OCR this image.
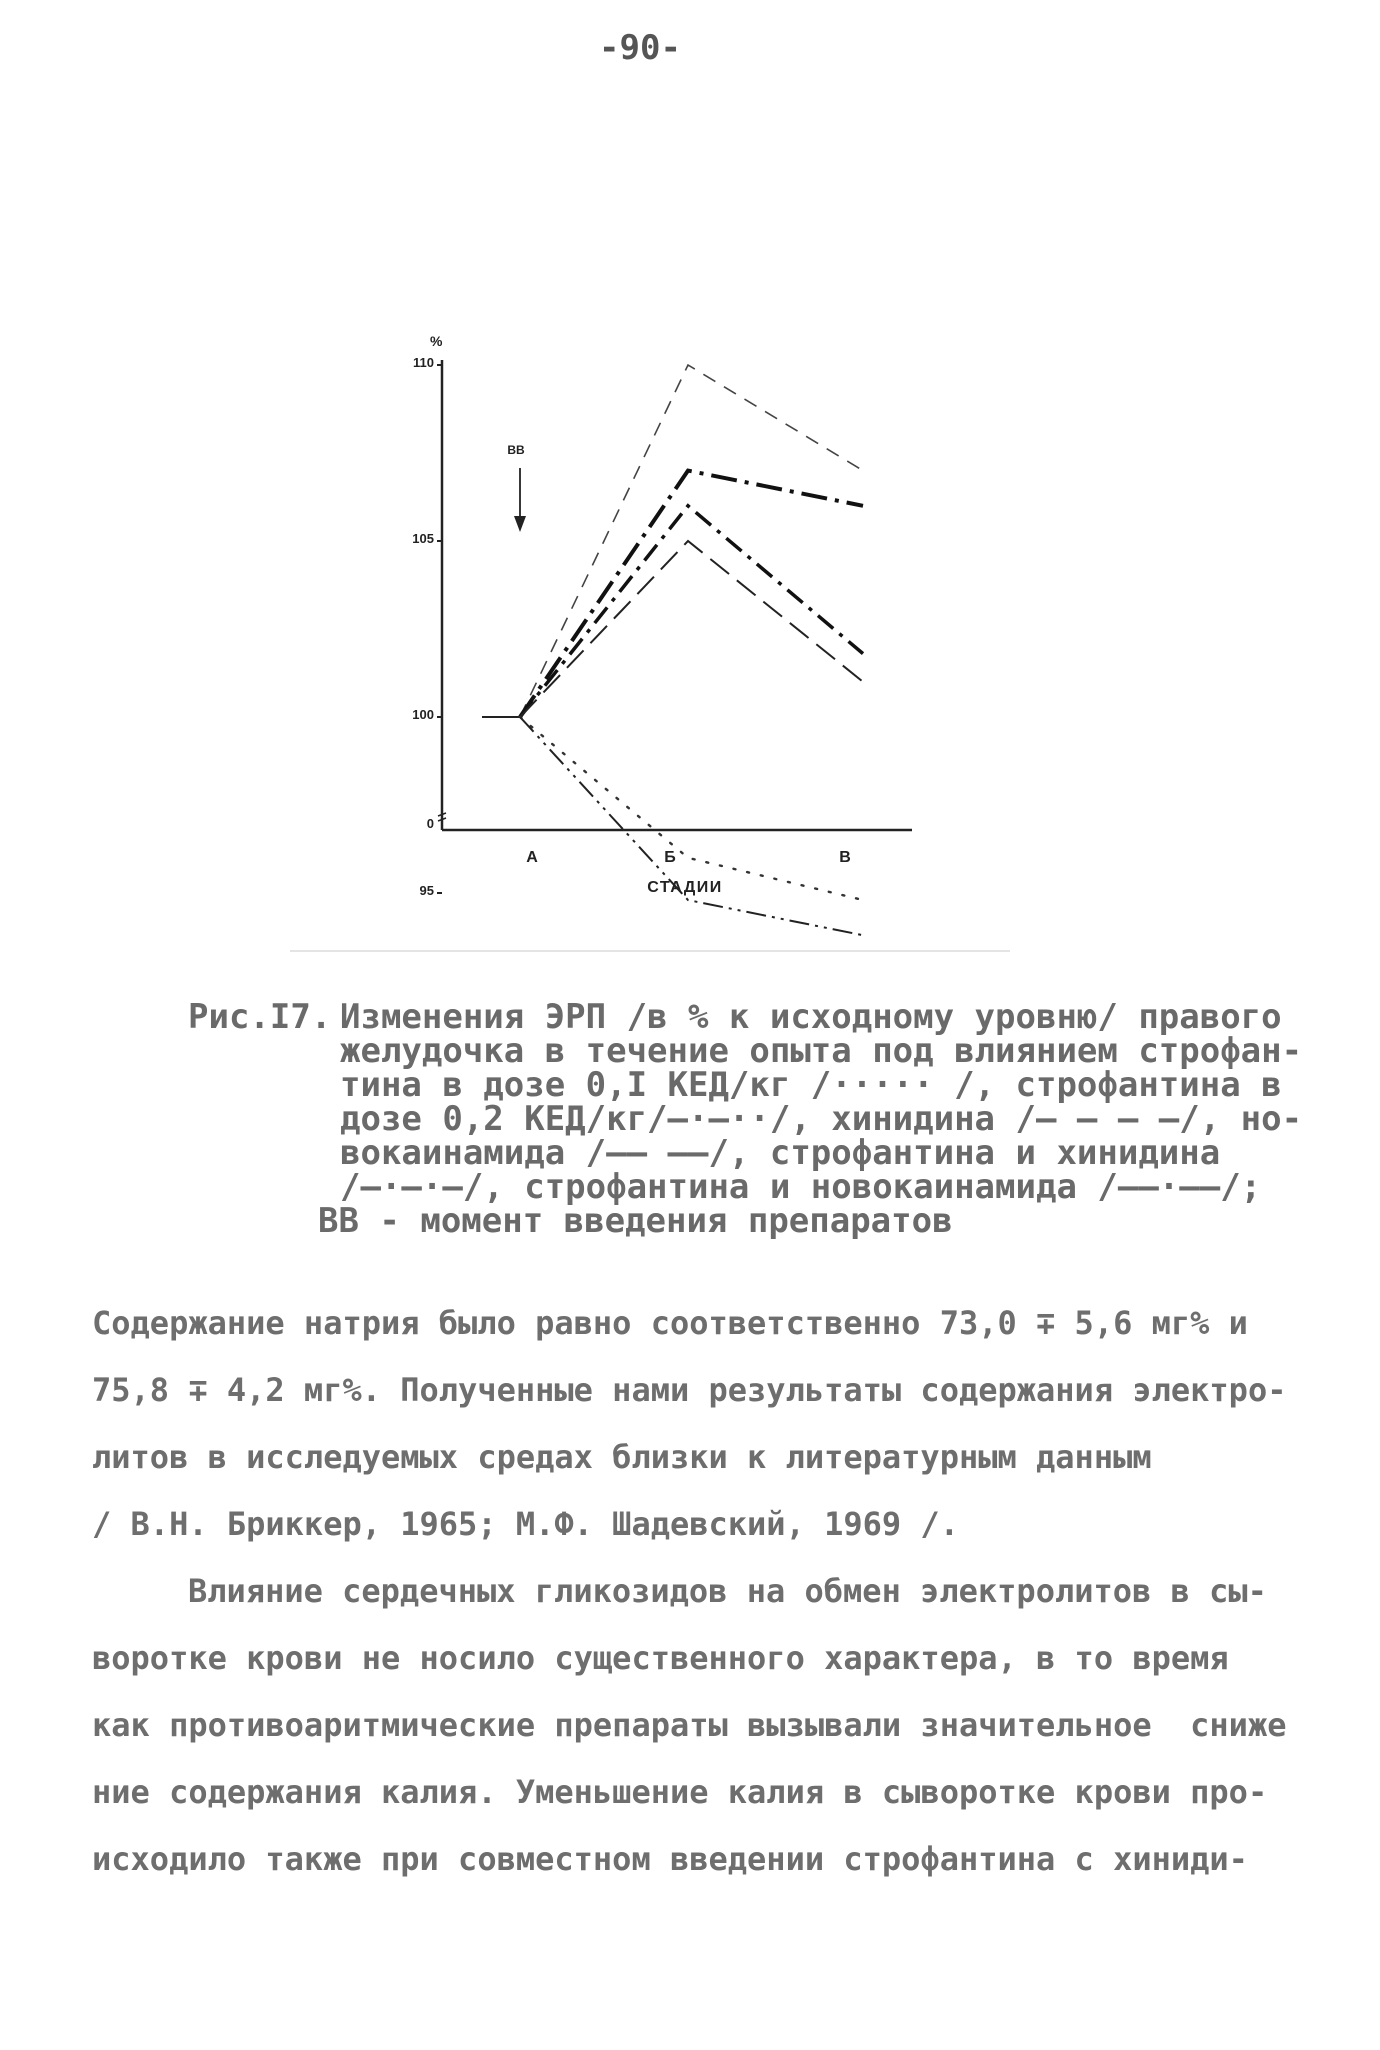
-90-
%
110
105
100
95
0
А	Б	В
СТАДИИ
ВВ
Рис.I7. Изменения ЭРП /в % к исходному уровню/ правого
желудочка в течение опыта под влиянием строфан-
тина в дозе 0,I КЕД/кг /····· /, строфантина в
дозе 0,2 КЕД/кг/—·—··/, хинидина /— — — —/, но-
вокаинамида /—— ——/, строфантина и хинидина
/—·—·—/, строфантина и новокаинамида /——·——/;
ВВ - момент введения препаратов
Содержание натрия было равно соответственно 73,0 ∓ 5,6 мг% и
75,8 ∓ 4,2 мг%. Полученные нами результаты содержания электро-
литов в исследуемых средах близки к литературным данным
/ В.Н. Бриккер, 1965; М.Ф. Шадевский, 1969 /.
Влияние сердечных гликозидов на обмен электролитов в сы-
воротке крови не носило существенного характера, в то время
как противоаритмические препараты вызывали значительное  сниже
ние содержания калия. Уменьшение калия в сыворотке крови про-
исходило также при совместном введении строфантина с хиниди-
